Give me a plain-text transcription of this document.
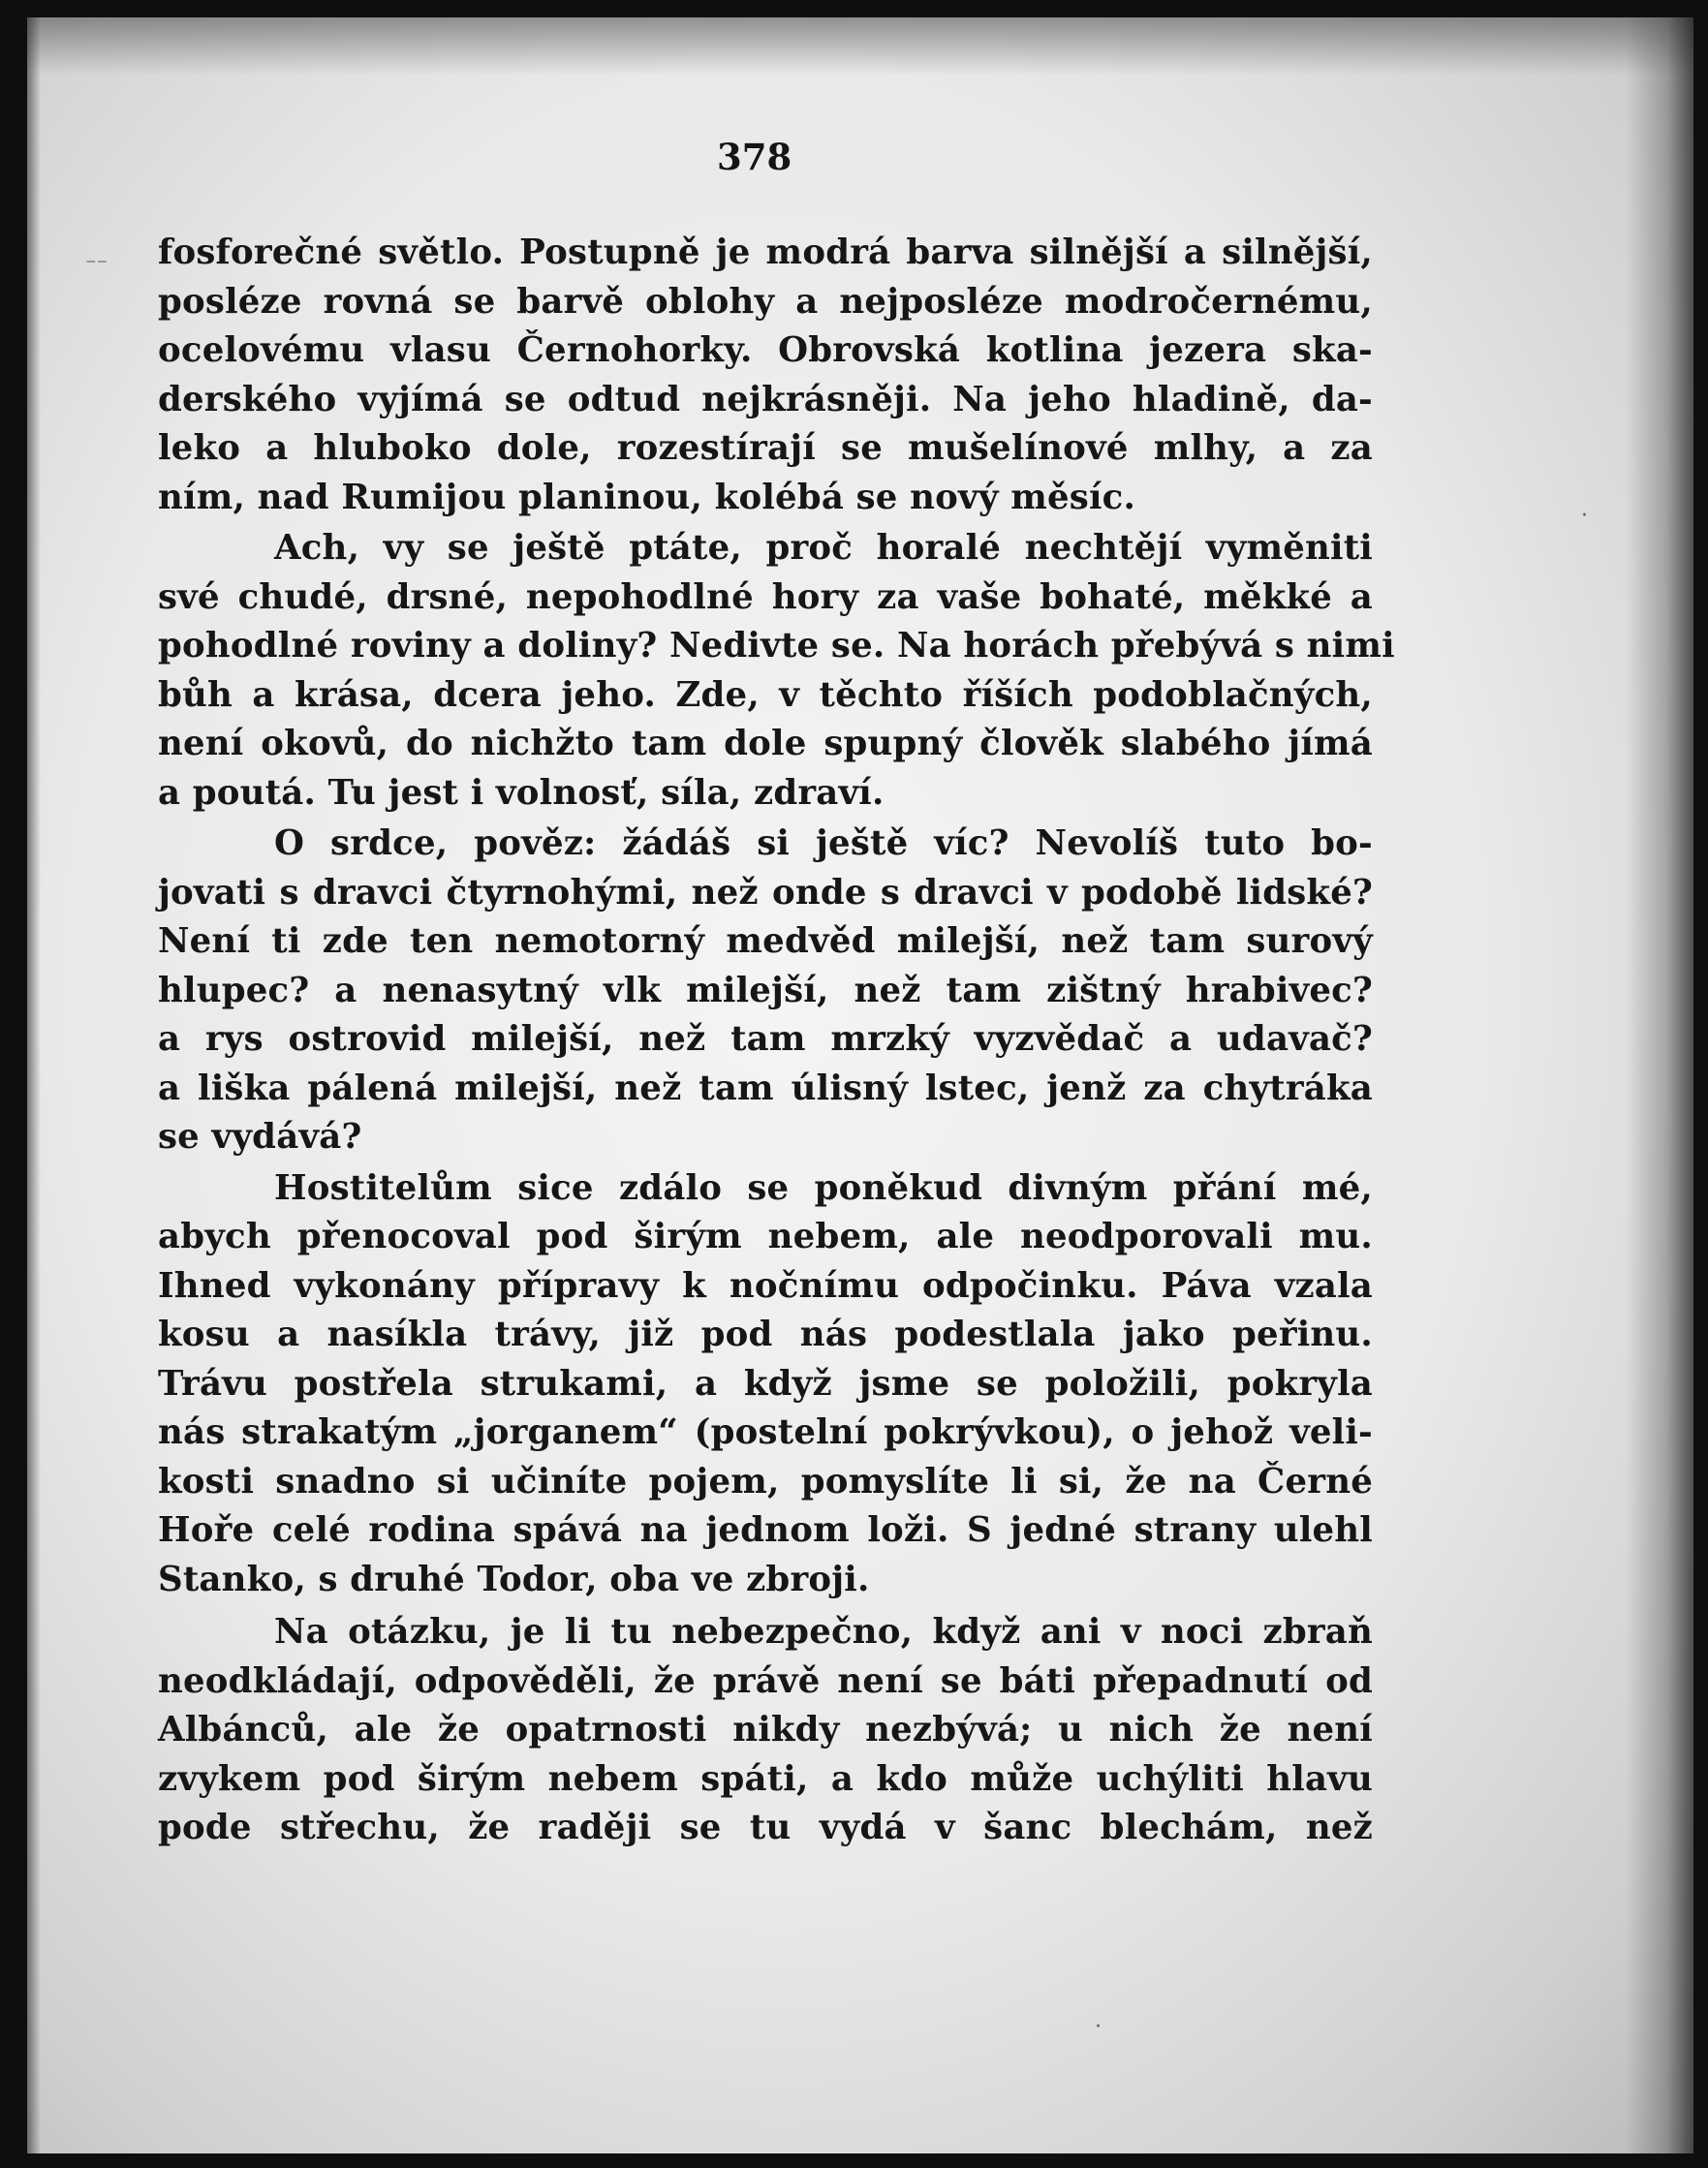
⁻⁻
·
·
378
fosforečné světlo. Postupně je modrá barva silnější a silnější,
posléze rovná se barvě oblohy a nejposléze modročernému,
ocelovému vlasu Černohorky. Obrovská kotlina jezera ska-
derského vyjímá se odtud nejkrásněji. Na jeho hladině, da-
leko a hluboko dole, rozestírají se mušelínové mlhy, a za
ním, nad Rumijou planinou, kolébá se nový měsíc.
Ach, vy se ještě ptáte, proč horalé nechtějí vyměniti
své chudé, drsné, nepohodlné hory za vaše bohaté, měkké a
pohodlné roviny a doliny? Nedivte se. Na horách přebývá s nimi
bůh a krása, dcera jeho. Zde, v těchto říších podoblačných,
není okovů, do nichžto tam dole spupný člověk slabého jímá
a poutá. Tu jest i volnosť, síla, zdraví.
O srdce, pověz: žádáš si ještě víc? Nevolíš tuto bo-
jovati s dravci čtyrnohými, než onde s dravci v podobě lidské?
Není ti zde ten nemotorný medvěd milejší, než tam surový
hlupec? a nenasytný vlk milejší, než tam zištný hrabivec?
a rys ostrovid milejší, než tam mrzký vyzvědač a udavač?
a liška pálená milejší, než tam úlisný lstec, jenž za chytráka
se vydává?
Hostitelům sice zdálo se poněkud divným přání mé,
abych přenocoval pod širým nebem, ale neodporovali mu.
Ihned vykonány přípravy k nočnímu odpočinku. Páva vzala
kosu a nasíkla trávy, již pod nás podestlala jako peřinu.
Trávu postřela strukami, a když jsme se položili, pokryla
nás strakatým „jorganem“ (postelní pokrývkou), o jehož veli-
kosti snadno si učiníte pojem, pomyslíte li si, že na Černé
Hoře celé rodina spává na jednom loži. S jedné strany ulehl
Stanko, s druhé Todor, oba ve zbroji.
Na otázku, je li tu nebezpečno, když ani v noci zbraň
neodkládají, odpověděli, že právě není se báti přepadnutí od
Albánců, ale že opatrnosti nikdy nezbývá; u nich že není
zvykem pod širým nebem spáti, a kdo může uchýliti hlavu
pode střechu, že raději se tu vydá v šanc blechám, než
